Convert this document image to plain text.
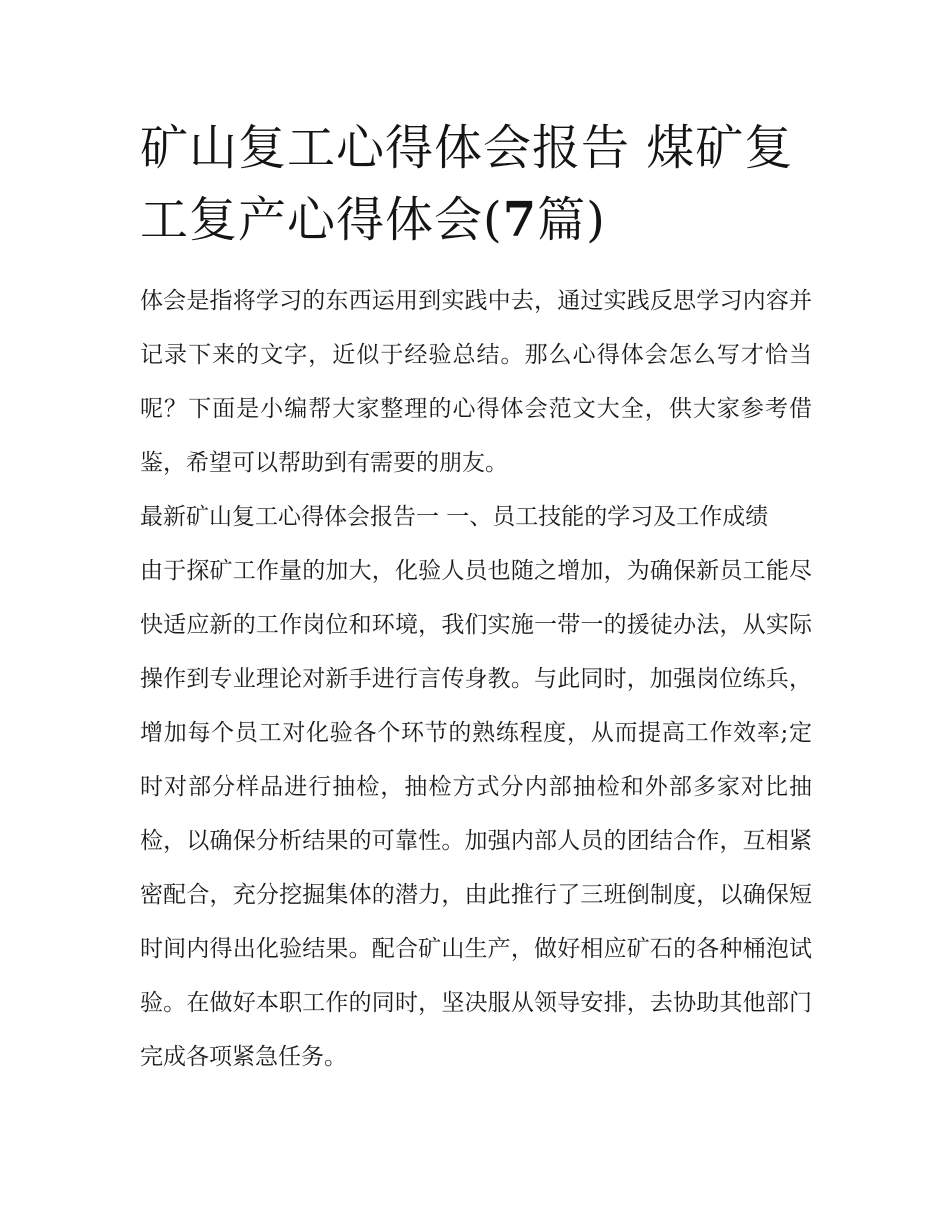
矿山复工心得体会报告 煤矿复工复产心得体会(7篇)

体会是指将学习的东西运用到实践中去，通过实践反思学习内容并记录下来的文字，近似于经验总结。那么心得体会怎么写才恰当呢？下面是小编帮大家整理的心得体会范文大全，供大家参考借鉴，希望可以帮助到有需要的朋友。

最新矿山复工心得体会报告一 一、员工技能的学习及工作成绩

由于探矿工作量的加大，化验人员也随之增加，为确保新员工能尽快适应新的工作岗位和环境，我们实施一带一的援徒办法，从实际操作到专业理论对新手进行言传身教。与此同时，加强岗位练兵，增加每个员工对化验各个环节的熟练程度，从而提高工作效率;定时对部分样品进行抽检，抽检方式分内部抽检和外部多家对比抽检，以确保分析结果的可靠性。加强内部人员的团结合作，互相紧密配合，充分挖掘集体的潜力，由此推行了三班倒制度，以确保短时间内得出化验结果。配合矿山生产，做好相应矿石的各种桶泡试验。在做好本职工作的同时，坚决服从领导安排，去协助其他部门完成各项紧急任务。
